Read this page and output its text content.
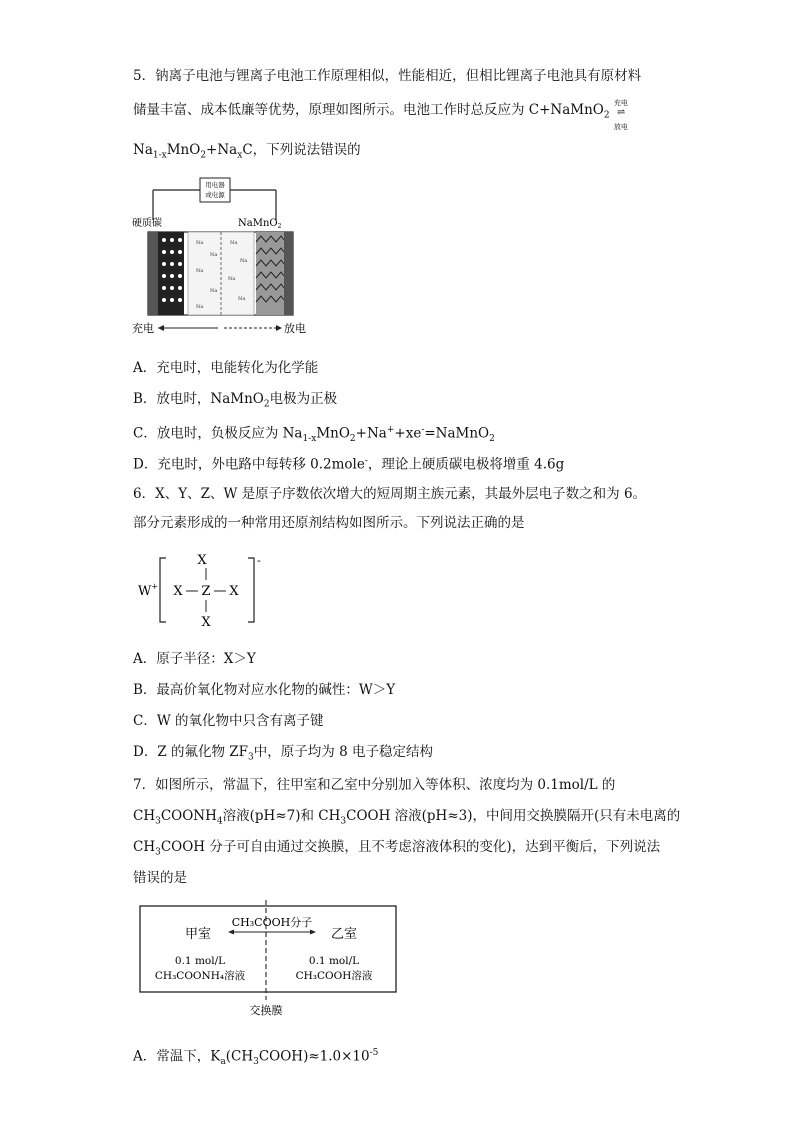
5．钠离子电池与锂离子电池工作原理相似，性能相近，但相比锂离子电池具有原材料
储量丰富、成本低廉等优势，原理如图所示。电池工作时总反应为 C+NaMnO$_2$
充电
⇌
放电
$Na_{1-x}MnO_2+Na_xC$，下列说法错误的
用电器
或电源
硬质碳	NaMnO$_2$
Na
Na
Na
Na
Na
Na
Na
Na
Na
充电	放电
A．充电时，电能转化为化学能
B．放电时，NaMnO$_2$电极为正极
C．放电时，负极反应为 $Na_{1-x}MnO_2+Na^++xe^-=NaMnO_2$
D．充电时，外电路中每转移 0.2mole-，理论上硬质碳电极将增重 4.6g
6．X、Y、Z、W 是原子序数依次增大的短周期主族元素，其最外层电子数之和为 6。
部分元素形成的一种常用还原剂结构如图所示。下列说法正确的是
W+
-
X
X Z X
X
A．原子半径：X＞Y
B．最高价氧化物对应水化物的碱性：W＞Y
C．W 的氧化物中只含有离子键
D．Z 的氟化物 $ZF_3$中，原子均为 8 电子稳定结构
7．如图所示，常温下，往甲室和乙室中分别加入等体积、浓度均为 0.1mol/L 的
$CH_3COONH_4$溶液(pH≈7)和 $CH_3COOH$ 溶液(pH≈3)，中间用交换膜隔开(只有未电离的
$CH_3COOH$ 分子可自由通过交换膜，且不考虑溶液体积的变化)，达到平衡后，下列说法
错误的是
CH₃COOH分子
甲室	乙室
0.1 mol/L
CH₃COONH₄溶液
0.1 mol/L
CH₃COOH溶液
交换膜
A．常温下，$K_a(CH_3COOH)\approx 1.0\times 10^{-5}$
